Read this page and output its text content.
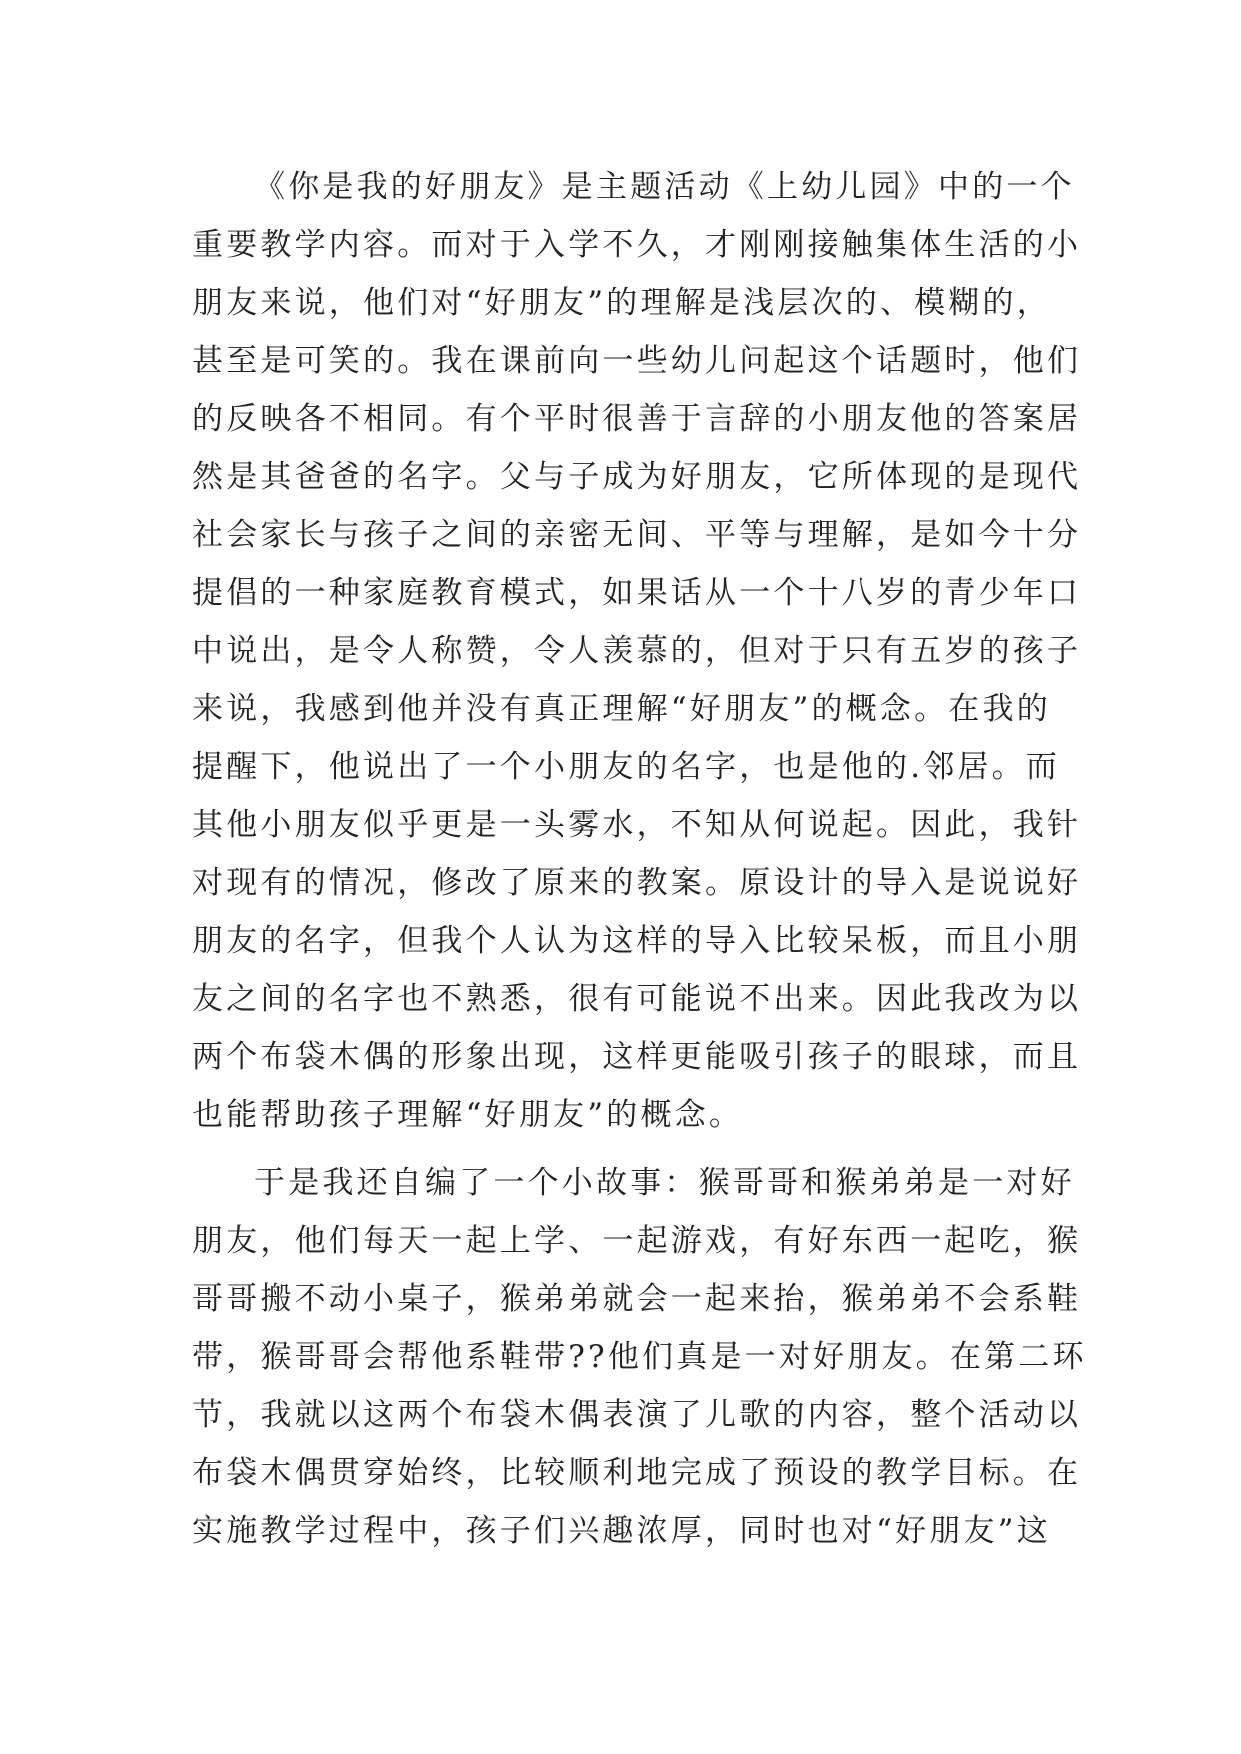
《你是我的好朋友》是主题活动《上幼儿园》中的一个
重要教学内容。而对于入学不久，才刚刚接触集体生活的小
朋友来说，他们对“好朋友”的理解是浅层次的、模糊的，
甚至是可笑的。我在课前向一些幼儿问起这个话题时，他们
的反映各不相同。有个平时很善于言辞的小朋友他的答案居
然是其爸爸的名字。父与子成为好朋友，它所体现的是现代
社会家长与孩子之间的亲密无间、平等与理解，是如今十分
提倡的一种家庭教育模式，如果话从一个十八岁的青少年口
中说出，是令人称赞，令人羡慕的，但对于只有五岁的孩子
来说，我感到他并没有真正理解“好朋友”的概念。在我的
提醒下，他说出了一个小朋友的名字，也是他的.邻居。而
其他小朋友似乎更是一头雾水，不知从何说起。因此，我针
对现有的情况，修改了原来的教案。原设计的导入是说说好
朋友的名字，但我个人认为这样的导入比较呆板，而且小朋
友之间的名字也不熟悉，很有可能说不出来。因此我改为以
两个布袋木偶的形象出现，这样更能吸引孩子的眼球，而且
也能帮助孩子理解“好朋友”的概念。
于是我还自编了一个小故事：猴哥哥和猴弟弟是一对好
朋友，他们每天一起上学、一起游戏，有好东西一起吃，猴
哥哥搬不动小桌子，猴弟弟就会一起来抬，猴弟弟不会系鞋
带，猴哥哥会帮他系鞋带??他们真是一对好朋友。在第二环
节，我就以这两个布袋木偶表演了儿歌的内容，整个活动以
布袋木偶贯穿始终，比较顺利地完成了预设的教学目标。在
实施教学过程中，孩子们兴趣浓厚，同时也对“好朋友”这
